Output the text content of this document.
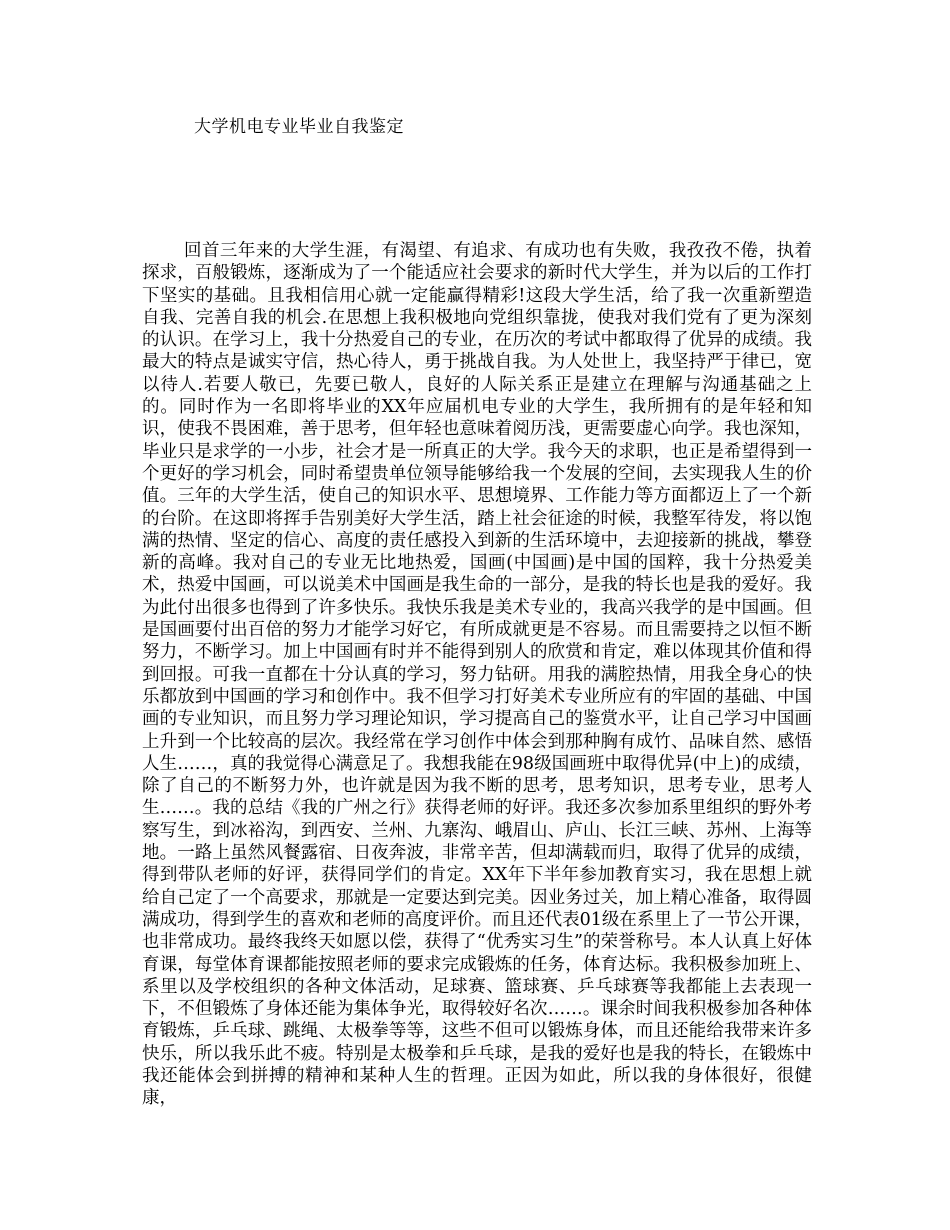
大学机电专业毕业自我鉴定

回首三年来的大学生涯，有渴望、有追求、有成功也有失败，我孜孜不倦，执着探求，百般锻炼，逐渐成为了一个能适应社会要求的新时代大学生，并为以后的工作打下坚实的基础。且我相信用心就一定能赢得精彩!这段大学生活，给了我一次重新塑造自我、完善自我的机会.在思想上我积极地向党组织靠拢，使我对我们党有了更为深刻的认识。在学习上，我十分热爱自己的专业，在历次的考试中都取得了优异的成绩。我最大的特点是诚实守信，热心待人，勇于挑战自我。为人处世上，我坚持严于律已，宽以待人.若要人敬已，先要已敬人，良好的人际关系正是建立在理解与沟通基础之上的。同时作为一名即将毕业的XX年应届机电专业的大学生，我所拥有的是年轻和知识，使我不畏困难，善于思考，但年轻也意味着阅历浅，更需要虚心向学。我也深知，毕业只是求学的一小步，社会才是一所真正的大学。我今天的求职，也正是希望得到一个更好的学习机会，同时希望贵单位领导能够给我一个发展的空间，去实现我人生的价值。三年的大学生活，使自己的知识水平、思想境界、工作能力等方面都迈上了一个新的台阶。在这即将挥手告别美好大学生活，踏上社会征途的时候，我整军待发，将以饱满的热情、坚定的信心、高度的责任感投入到新的生活环境中，去迎接新的挑战，攀登新的高峰。我对自己的专业无比地热爱，国画(中国画)是中国的国粹，我十分热爱美术，热爱中国画，可以说美术中国画是我生命的一部分，是我的特长也是我的爱好。我为此付出很多也得到了许多快乐。我快乐我是美术专业的，我高兴我学的是中国画。但是国画要付出百倍的努力才能学习好它，有所成就更是不容易。而且需要持之以恒不断努力，不断学习。加上中国画有时并不能得到别人的欣赏和肯定，难以体现其价值和得到回报。可我一直都在十分认真的学习，努力钻研。用我的满腔热情，用我全身心的快乐都放到中国画的学习和创作中。我不但学习打好美术专业所应有的牢固的基础、中国画的专业知识，而且努力学习理论知识，学习提高自己的鉴赏水平，让自己学习中国画上升到一个比较高的层次。我经常在学习创作中体会到那种胸有成竹、品味自然、感悟人生……，真的我觉得心满意足了。我想我能在98级国画班中取得优异(中上)的成绩，除了自己的不断努力外，也许就是因为我不断的思考，思考知识，思考专业，思考人生……。我的总结《我的广州之行》获得老师的好评。我还多次参加系里组织的野外考察写生，到冰裕沟，到西安、兰州、九寨沟、峨眉山、庐山、长江三峡、苏州、上海等地。一路上虽然风餐露宿、日夜奔波，非常辛苦，但却满载而归，取得了优异的成绩，得到带队老师的好评，获得同学们的肯定。XX年下半年参加教育实习，我在思想上就给自己定了一个高要求，那就是一定要达到完美。因业务过关，加上精心准备，取得圆满成功，得到学生的喜欢和老师的高度评价。而且还代表01级在系里上了一节公开课，也非常成功。最终我终天如愿以偿，获得了“优秀实习生”的荣誉称号。本人认真上好体育课，每堂体育课都能按照老师的要求完成锻炼的任务，体育达标。我积极参加班上、系里以及学校组织的各种文体活动，足球赛、篮球赛、乒乓球赛等我都能上去表现一下，不但锻炼了身体还能为集体争光，取得较好名次……。课余时间我积极参加各种体育锻炼，乒乓球、跳绳、太极拳等等，这些不但可以锻炼身体，而且还能给我带来许多快乐，所以我乐此不疲。特别是太极拳和乒乓球，是我的爱好也是我的特长，在锻炼中我还能体会到拼搏的精神和某种人生的哲理。正因为如此，所以我的身体很好，很健康，
